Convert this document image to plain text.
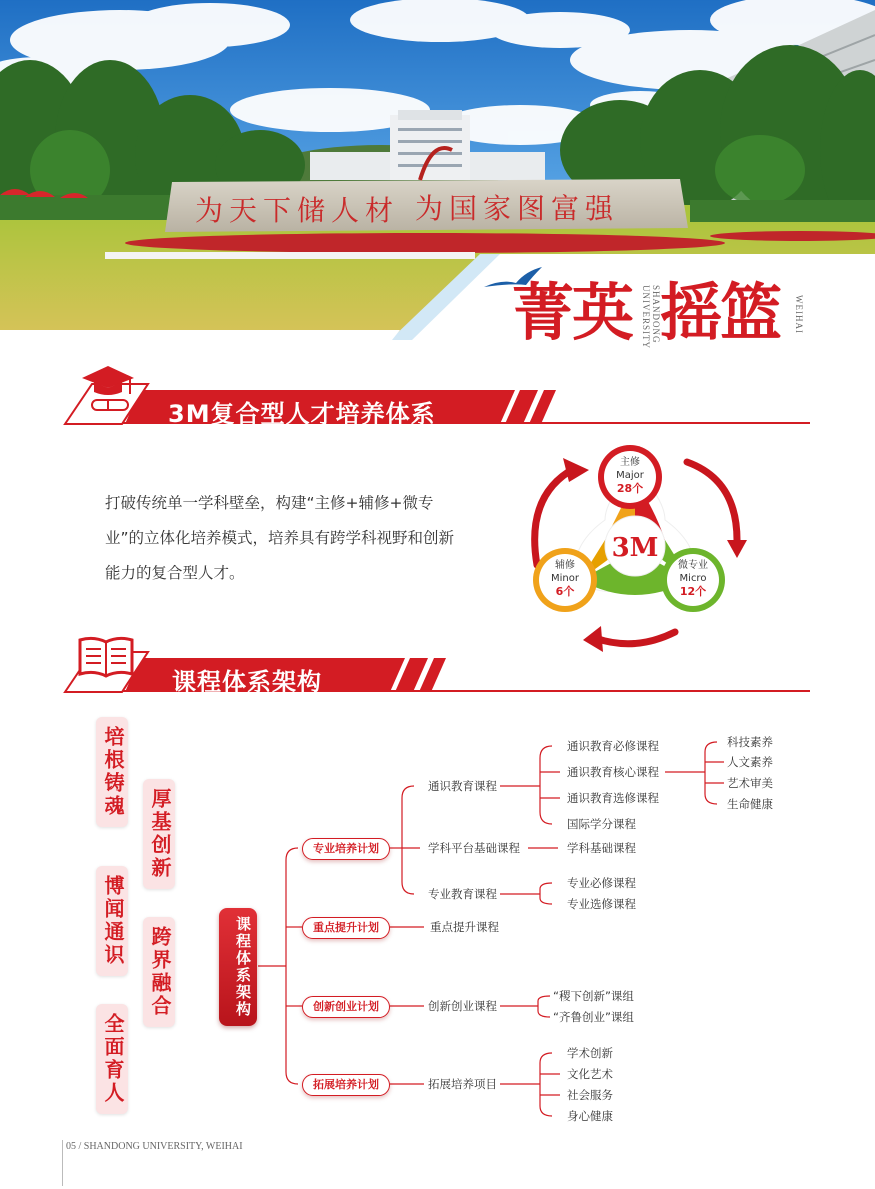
为天下储人材 为国家图富强
菁英	SHANDONG UNIVERSITY 摇篮 WEIHAI
3M复合型人才培养体系
打破传统单一学科壁垒，构建“主修+辅修+微专业”的立体化培养模式，培养具有跨学科视野和创新能力的复合型人才。
3M
主修
Major
28个
辅修
Minor
6个
微专业
Micro
12个
课程体系架构
培根铸魂
厚基创新
博闻通识
跨界融合
全面育人
课程体系架构
专业培养计划
重点提升计划
创新创业计划
拓展培养计划
通识教育课程
学科平台基础课程
专业教育课程
重点提升课程
创新创业课程
拓展培养项目
通识教育必修课程
通识教育核心课程
通识教育选修课程
国际学分课程
科技素养
人文素养
艺术审美
生命健康
学科基础课程
专业必修课程
专业选修课程
“稷下创新”课组
“齐鲁创业”课组
学术创新
文化艺术
社会服务
身心健康
05 / SHANDONG UNIVERSITY, WEIHAI
